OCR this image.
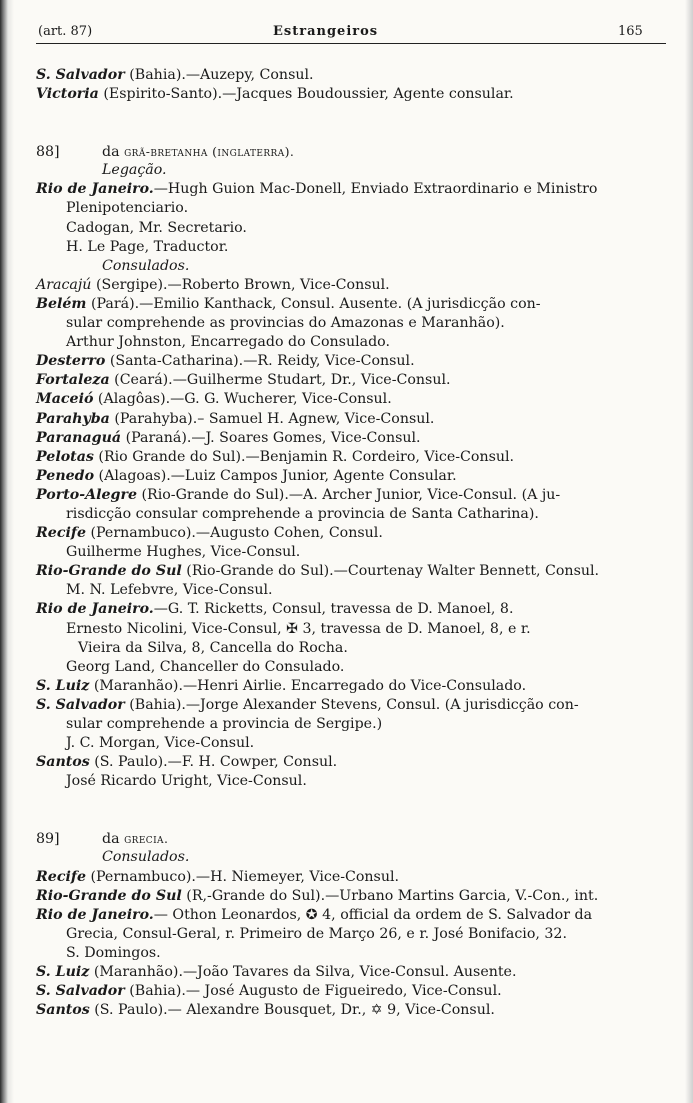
(art. 87)	Estrangeiros	165
S. Salvador (Bahia).—Auzepy, Consul.
Victoria (Espirito-Santo).—Jacques Boudoussier, Agente consular.
88]	da grã-bretanha (inglaterra).
Legação.
Rio de Janeiro.—Hugh Guion Mac-Donell, Enviado Extraordinario e Ministro
Plenipotenciario.
Cadogan, Mr. Secretario.
H. Le Page, Traductor.
Consulados.
Aracajú (Sergipe).—Roberto Brown, Vice-Consul.
Belém (Pará).—Emilio Kanthack, Consul. Ausente. (A jurisdicção con-
sular comprehende as provincias do Amazonas e Maranhão).
Arthur Johnston, Encarregado do Consulado.
Desterro (Santa-Catharina).—R. Reidy, Vice-Consul.
Fortaleza (Ceará).—Guilherme Studart, Dr., Vice-Consul.
Maceió (Alagôas).—G. G. Wucherer, Vice-Consul.
Parahyba (Parahyba).– Samuel H. Agnew, Vice-Consul.
Paranaguá (Paraná).—J. Soares Gomes, Vice-Consul.
Pelotas (Rio Grande do Sul).—Benjamin R. Cordeiro, Vice-Consul.
Penedo (Alagoas).—Luiz Campos Junior, Agente Consular.
Porto-Alegre (Rio-Grande do Sul).—A. Archer Junior, Vice-Consul. (A ju-
risdicção consular comprehende a provincia de Santa Catharina).
Recife (Pernambuco).—Augusto Cohen, Consul.
Guilherme Hughes, Vice-Consul.
Rio-Grande do Sul (Rio-Grande do Sul).—Courtenay Walter Bennett, Consul.
M. N. Lefebvre, Vice-Consul.
Rio de Janeiro.—G. T. Ricketts, Consul, travessa de D. Manoel, 8.
Ernesto Nicolini, Vice-Consul, ✠ 3, travessa de D. Manoel, 8, e r.
Vieira da Silva, 8, Cancella do Rocha.
Georg Land, Chanceller do Consulado.
S. Luiz (Maranhão).—Henri Airlie. Encarregado do Vice-Consulado.
S. Salvador (Bahia).—Jorge Alexander Stevens, Consul. (A jurisdicção con-
sular comprehende a provincia de Sergipe.)
J. C. Morgan, Vice-Consul.
Santos (S. Paulo).—F. H. Cowper, Consul.
José Ricardo Uright, Vice-Consul.
89]	da grecia.
Consulados.
Recife (Pernambuco).—H. Niemeyer, Vice-Consul.
Rio-Grande do Sul (R,-Grande do Sul).—Urbano Martins Garcia, V.-Con., int.
Rio de Janeiro.— Othon Leonardos, ✪ 4, official da ordem de S. Salvador da
Grecia, Consul-Geral, r. Primeiro de Março 26, e r. José Bonifacio, 32.
S. Domingos.
S. Luiz (Maranhão).—João Tavares da Silva, Vice-Consul. Ausente.
S. Salvador (Bahia).— José Augusto de Figueiredo, Vice-Consul.
Santos (S. Paulo).— Alexandre Bousquet, Dr., ✡ 9, Vice-Consul.
